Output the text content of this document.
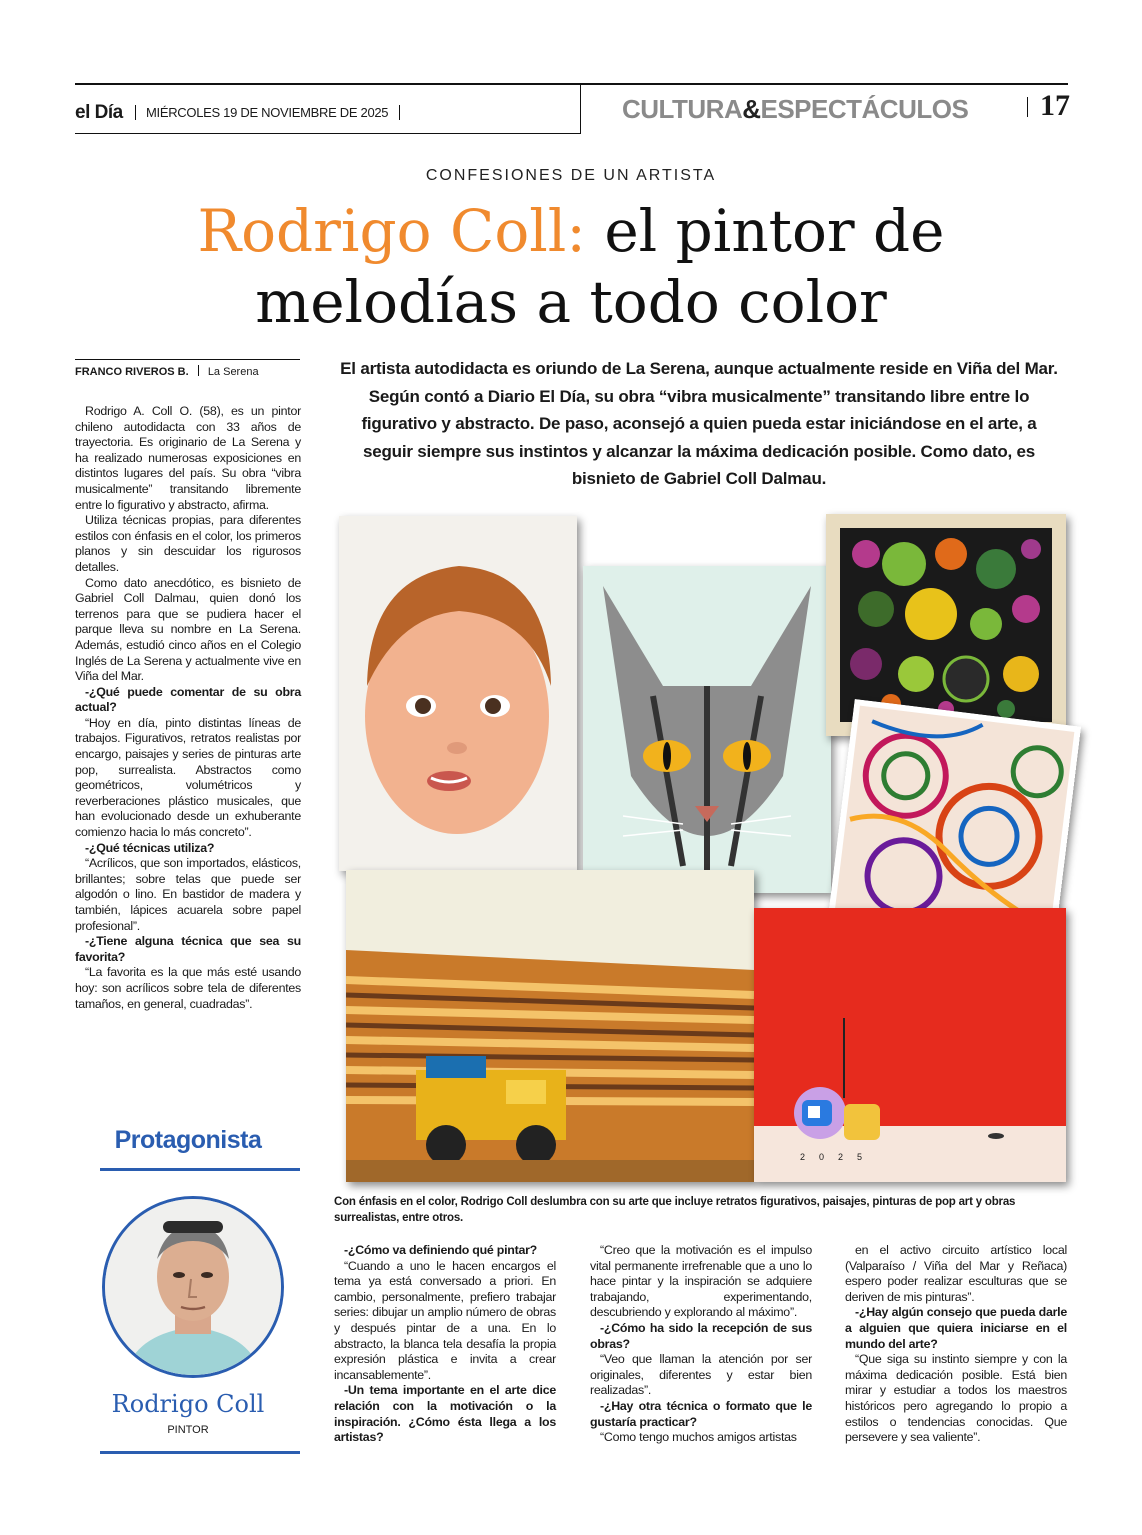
el Día MIÉRCOLES 19 DE NOVIEMBRE DE 2025	CULTURA&ESPECTÁCULOS 17
CONFESIONES DE UN ARTISTA
Rodrigo Coll: el pintor de
melodías a todo color
FRANCO RIVEROS B. La Serena	El artista autodidacta es oriundo de La Serena, aunque actualmente reside en Viña del Mar. Según contó a Diario El Día, su obra “vibra musicalmente” transitando libre entre lo figurativo y abstracto. De paso, aconsejó a quien pueda estar iniciándose en el arte, a seguir siempre sus instintos y alcanzar la máxima dedicación posible. Como dato, es bisnieto de Gabriel Coll Dalmau.

Rodrigo A. Coll O. (58), es un pintor chileno autodidacta con 33 años de trayectoria. Es originario de La Serena y ha realizado numerosas exposiciones en distintos lugares del país. Su obra “vibra musicalmente” transitando libremente entre lo figurativo y abstracto, afirma.

Utiliza técnicas propias, para diferentes estilos con énfasis en el color, los primeros planos y sin descuidar los rigurosos detalles.

Como dato anecdótico, es bisnieto de Gabriel Coll Dalmau, quien donó los terrenos para que se pudiera hacer el parque lleva su nombre en La Serena. Además, estudió cinco años en el Colegio Inglés de La Serena y actualmente vive en Viña del Mar.

-¿Qué puede comentar de su obra actual?

“Hoy en día, pinto distintas líneas de trabajos. Figurativos, retratos realistas por encargo, paisajes y series de pinturas arte pop, surrealista. Abstractos como geométricos, volumétricos y reverberaciones plástico musicales, que han evolucionado desde un exhuberante comienzo hacia lo más concreto”.

-¿Qué técnicas utiliza?

“Acrílicos, que son importados, elásticos, brillantes; sobre telas que puede ser algodón o lino. En bastidor de madera y también, lápices acuarela sobre papel profesional”.

-¿Tiene alguna técnica que sea su favorita?

“La favorita es la que más esté usando hoy: son acrílicos sobre tela de diferentes tamaños, en general, cuadradas”.

Protagonista
Rodrigo Coll
PINTOR
2 0 2 5
Con énfasis en el color, Rodrigo Coll deslumbra con su arte que incluye retratos figurativos, paisajes, pinturas de pop art y obras surrealistas, entre otros.

-¿Cómo va definiendo qué pintar?

“Cuando a uno le hacen encargos el tema ya está conversado a priori. En cambio, personalmente, prefiero trabajar series: dibujar un amplio número de obras y después pintar de a una. En lo abstracto, la blanca tela desafía la propia expresión plástica e invita a crear incansablemente”.

-Un tema importante en el arte dice relación con la motivación o la inspiración. ¿Cómo ésta llega a los artistas?

“Creo que la motivación es el impulso vital permanente irrefrenable que a uno lo hace pintar y la inspiración se adquiere trabajando, experimentando, descubriendo y explorando al máximo”.

-¿Cómo ha sido la recepción de sus obras?

“Veo que llaman la atención por ser originales, diferentes y estar bien realizadas”.

-¿Hay otra técnica o formato que le gustaría practicar?

“Como tengo muchos amigos artistas

en el activo circuito artístico local (Valparaíso / Viña del Mar y Reñaca) espero poder realizar esculturas que se deriven de mis pinturas”.

-¿Hay algún consejo que pueda darle a alguien que quiera iniciarse en el mundo del arte?

“Que siga su instinto siempre y con la máxima dedicación posible. Está bien mirar y estudiar a todos los maestros históricos pero agregando lo propio a estilos o tendencias conocidas. Que persevere y sea valiente”.
